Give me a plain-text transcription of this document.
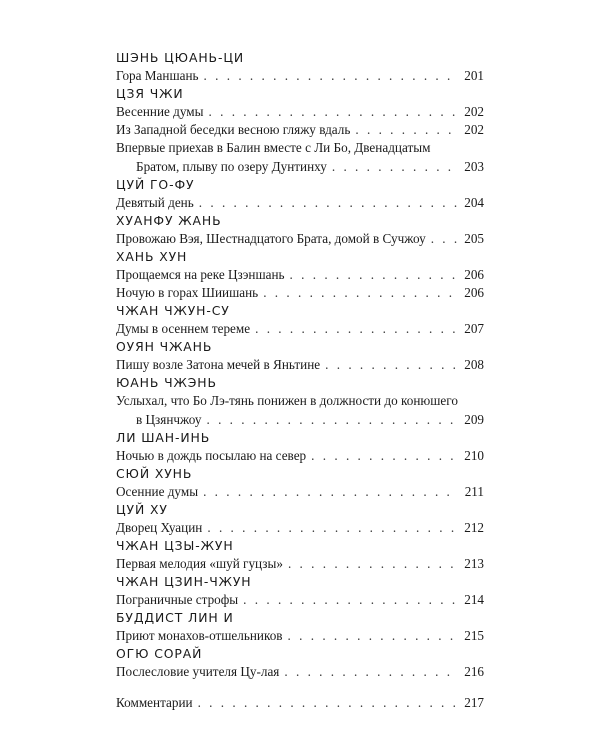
ШЭНЬ ЦЮАНЬ-ЦИ
Гора Маншань . . .	201
ЦЗЯ ЧЖИ
Весенние думы . . .	202
Из Западной беседки весною гляжу вдаль . . .	202
Впервые приехав в Балин вместе с Ли Бо, Двенадцатым
Братом, плыву по озеру Дунтинху . . .	203
ЦУЙ ГО-ФУ
Девятый день . . .	204
ХУАНФУ ЖАНЬ
Провожаю Вэя, Шестнадцатого Брата, домой в Сучжоу . . .	205
ХАНЬ ХУН
Прощаемся на реке Цзэншань . . .	206
Ночую в горах Шиишань . . .	206
ЧЖАН ЧЖУН-СУ
Думы в осеннем тереме . . .	207
ОУЯН ЧЖАНЬ
Пишу возле Затона мечей в Яньтине . . .	208
ЮАНЬ ЧЖЭНЬ
Услыхал, что Бо Лэ-тянь понижен в должности до конюшего
в Цзянчжоу . . .	209
ЛИ ШАН-ИНЬ
Ночью в дождь посылаю на север . . .	210
СЮЙ ХУНЬ
Осенние думы . . .	211
ЦУЙ ХУ
Дворец Хуацин . . .	212
ЧЖАН ЦЗЫ-ЖУН
Первая мелодия «шуй гуцзы» . . .	213
ЧЖАН ЦЗИН-ЧЖУН
Пограничные строфы . . .	214
БУДДИСТ ЛИН И
Приют монахов-отшельников . . .	215
ОГЮ СОРАЙ
Послесловие учителя Цу-лая . . .	216
Комментарии . . .	217
